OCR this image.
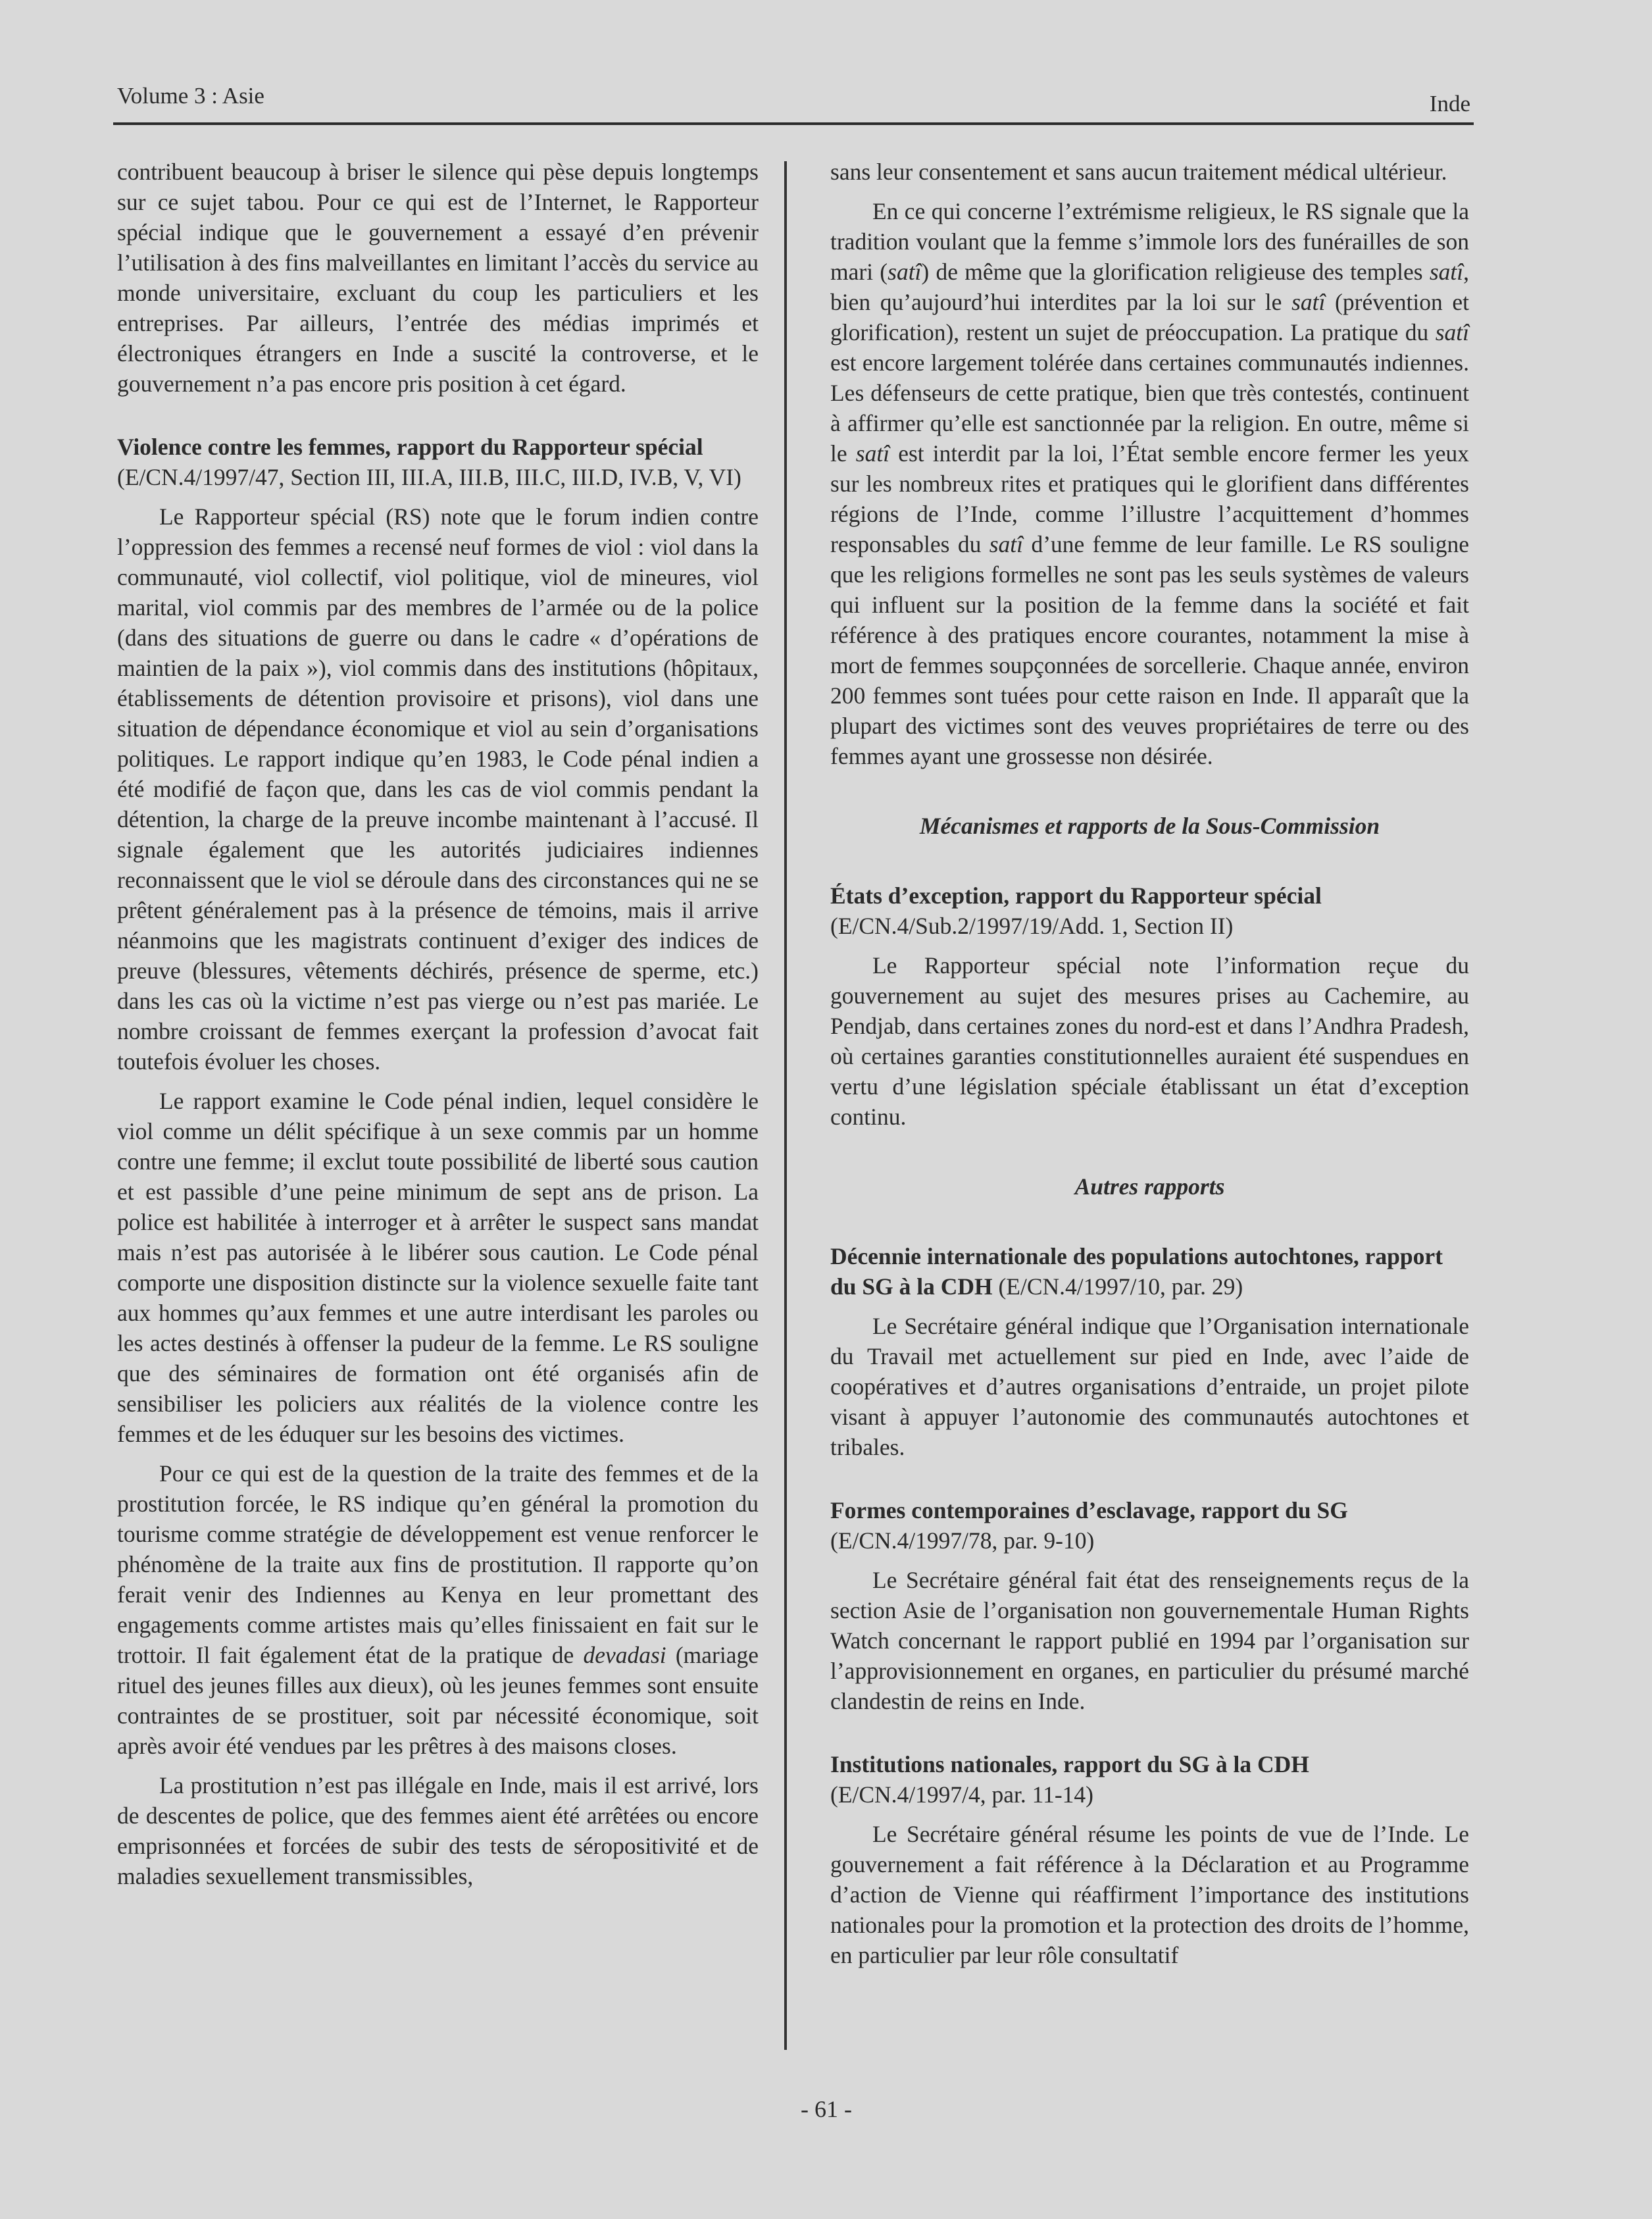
Volume 3 : Asie	Inde

contribuent beaucoup à briser le silence qui pèse depuis longtemps sur ce sujet tabou. Pour ce qui est de l’Internet, le Rapporteur spécial indique que le gouvernement a essayé d’en prévenir l’utilisation à des fins malveillantes en limitant l’accès du service au monde universitaire, excluant du coup les particuliers et les entreprises. Par ailleurs, l’entrée des médias imprimés et électroniques étrangers en Inde a suscité la controverse, et le gouvernement n’a pas encore pris position à cet égard.

Violence contre les femmes, rapport du Rapporteur spécial (E/CN.4/1997/47, Section III, III.A, III.B, III.C, III.D, IV.B, V, VI)

Le Rapporteur spécial (RS) note que le forum indien contre l’oppression des femmes a recensé neuf formes de viol : viol dans la communauté, viol collectif, viol politique, viol de mineures, viol marital, viol commis par des membres de l’armée ou de la police (dans des situations de guerre ou dans le cadre « d’opérations de maintien de la paix »), viol commis dans des institutions (hôpitaux, établissements de détention provisoire et prisons), viol dans une situation de dépendance économique et viol au sein d’organisations politiques. Le rapport indique qu’en 1983, le Code pénal indien a été modifié de façon que, dans les cas de viol commis pendant la détention, la charge de la preuve incombe maintenant à l’accusé. Il signale également que les autorités judiciaires indiennes reconnaissent que le viol se déroule dans des circonstances qui ne se prêtent généralement pas à la présence de témoins, mais il arrive néanmoins que les magistrats continuent d’exiger des indices de preuve (blessures, vêtements déchirés, présence de sperme, etc.) dans les cas où la victime n’est pas vierge ou n’est pas mariée. Le nombre croissant de femmes exerçant la profession d’avocat fait toutefois évoluer les choses.

Le rapport examine le Code pénal indien, lequel considère le viol comme un délit spécifique à un sexe commis par un homme contre une femme; il exclut toute possibilité de liberté sous caution et est passible d’une peine minimum de sept ans de prison. La police est habilitée à interroger et à arrêter le suspect sans mandat mais n’est pas autorisée à le libérer sous caution. Le Code pénal comporte une disposition distincte sur la violence sexuelle faite tant aux hommes qu’aux femmes et une autre interdisant les paroles ou les actes destinés à offenser la pudeur de la femme. Le RS souligne que des séminaires de formation ont été organisés afin de sensibiliser les policiers aux réalités de la violence contre les femmes et de les éduquer sur les besoins des victimes.

Pour ce qui est de la question de la traite des femmes et de la prostitution forcée, le RS indique qu’en général la promotion du tourisme comme stratégie de développement est venue renforcer le phénomène de la traite aux fins de prostitution. Il rapporte qu’on ferait venir des Indiennes au Kenya en leur promettant des engagements comme artistes mais qu’elles finissaient en fait sur le trottoir. Il fait également état de la pratique de devadasi (mariage rituel des jeunes filles aux dieux), où les jeunes femmes sont ensuite contraintes de se prostituer, soit par nécessité économique, soit après avoir été vendues par les prêtres à des maisons closes.

La prostitution n’est pas illégale en Inde, mais il est arrivé, lors de descentes de police, que des femmes aient été arrêtées ou encore emprisonnées et forcées de subir des tests de séropositivité et de maladies sexuellement transmissibles,

sans leur consentement et sans aucun traitement médical ultérieur.

En ce qui concerne l’extrémisme religieux, le RS signale que la tradition voulant que la femme s’immole lors des funérailles de son mari (satî) de même que la glorification religieuse des temples satî, bien qu’aujourd’hui interdites par la loi sur le satî (prévention et glorification), restent un sujet de préoccupation. La pratique du satî est encore largement tolérée dans certaines communautés indiennes. Les défenseurs de cette pratique, bien que très contestés, continuent à affirmer qu’elle est sanctionnée par la religion. En outre, même si le satî est interdit par la loi, l’État semble encore fermer les yeux sur les nombreux rites et pratiques qui le glorifient dans différentes régions de l’Inde, comme l’illustre l’acquittement d’hommes responsables du satî d’une femme de leur famille. Le RS souligne que les religions formelles ne sont pas les seuls systèmes de valeurs qui influent sur la position de la femme dans la société et fait référence à des pratiques encore courantes, notamment la mise à mort de femmes soupçonnées de sorcellerie. Chaque année, environ 200 femmes sont tuées pour cette raison en Inde. Il apparaît que la plupart des victimes sont des veuves propriétaires de terre ou des femmes ayant une grossesse non désirée.

Mécanismes et rapports de la Sous-Commission

États d’exception, rapport du Rapporteur spécial
(E/CN.4/Sub.2/1997/19/Add. 1, Section II)

Le Rapporteur spécial note l’information reçue du gouvernement au sujet des mesures prises au Cachemire, au Pendjab, dans certaines zones du nord-est et dans l’Andhra Pradesh, où certaines garanties constitutionnelles auraient été suspendues en vertu d’une législation spéciale établissant un état d’exception continu.

Autres rapports

Décennie internationale des populations autochtones, rapport du SG à la CDH (E/CN.4/1997/10, par. 29)

Le Secrétaire général indique que l’Organisation internationale du Travail met actuellement sur pied en Inde, avec l’aide de coopératives et d’autres organisations d’entraide, un projet pilote visant à appuyer l’autonomie des communautés autochtones et tribales.

Formes contemporaines d’esclavage, rapport du SG
(E/CN.4/1997/78, par. 9-10)

Le Secrétaire général fait état des renseignements reçus de la section Asie de l’organisation non gouvernementale Human Rights Watch concernant le rapport publié en 1994 par l’organisation sur l’approvisionnement en organes, en particulier du présumé marché clandestin de reins en Inde.

Institutions nationales, rapport du SG à la CDH
(E/CN.4/1997/4, par. 11-14)

Le Secrétaire général résume les points de vue de l’Inde. Le gouvernement a fait référence à la Déclaration et au Programme d’action de Vienne qui réaffirment l’importance des institutions nationales pour la promotion et la protection des droits de l’homme, en particulier par leur rôle consultatif

- 61 -
